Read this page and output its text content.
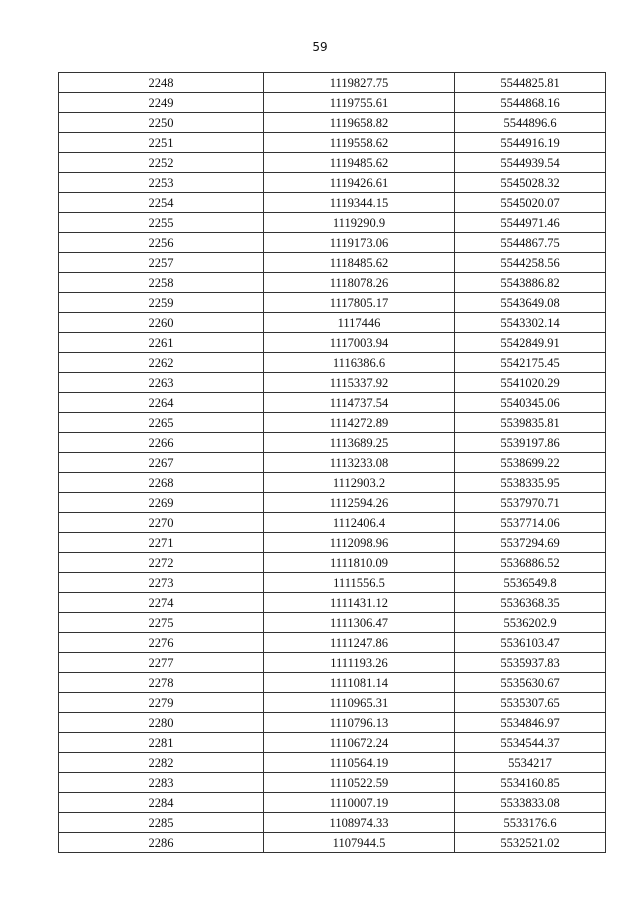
59
2248	1119827.75	5544825.81
2249	1119755.61	5544868.16
2250	1119658.82	5544896.6
2251	1119558.62	5544916.19
2252	1119485.62	5544939.54
2253	1119426.61	5545028.32
2254	1119344.15	5545020.07
2255	1119290.9	5544971.46
2256	1119173.06	5544867.75
2257	1118485.62	5544258.56
2258	1118078.26	5543886.82
2259	1117805.17	5543649.08
2260	1117446	5543302.14
2261	1117003.94	5542849.91
2262	1116386.6	5542175.45
2263	1115337.92	5541020.29
2264	1114737.54	5540345.06
2265	1114272.89	5539835.81
2266	1113689.25	5539197.86
2267	1113233.08	5538699.22
2268	1112903.2	5538335.95
2269	1112594.26	5537970.71
2270	1112406.4	5537714.06
2271	1112098.96	5537294.69
2272	1111810.09	5536886.52
2273	1111556.5	5536549.8
2274	1111431.12	5536368.35
2275	1111306.47	5536202.9
2276	1111247.86	5536103.47
2277	1111193.26	5535937.83
2278	1111081.14	5535630.67
2279	1110965.31	5535307.65
2280	1110796.13	5534846.97
2281	1110672.24	5534544.37
2282	1110564.19	5534217
2283	1110522.59	5534160.85
2284	1110007.19	5533833.08
2285	1108974.33	5533176.6
2286	1107944.5	5532521.02
